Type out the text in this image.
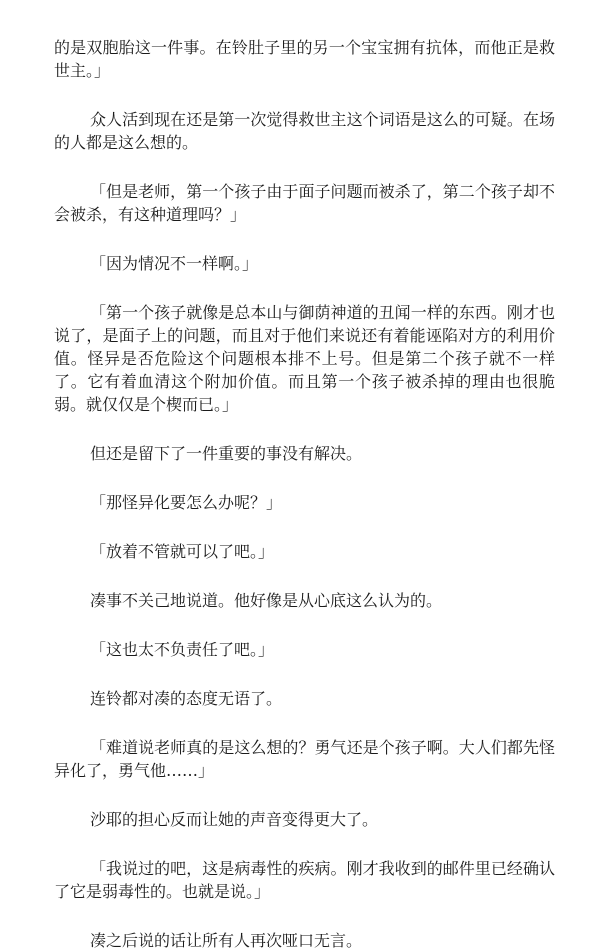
的是双胞胎这一件事。在铃肚子里的另一个宝宝拥有抗体，而他正是救世主。」

众人活到现在还是第一次觉得救世主这个词语是这么的可疑。在场的人都是这么想的。

「但是老师，第一个孩子由于面子问题而被杀了，第二个孩子却不会被杀，有这种道理吗？」

「因为情况不一样啊。」

「第一个孩子就像是总本山与御荫神道的丑闻一样的东西。刚才也说了，是面子上的问题，而且对于他们来说还有着能诬陷对方的利用价值。怪异是否危险这个问题根本排不上号。但是第二个孩子就不一样了。它有着血清这个附加价值。而且第一个孩子被杀掉的理由也很脆弱。就仅仅是个楔而已。」

但还是留下了一件重要的事没有解决。

「那怪异化要怎么办呢？」

「放着不管就可以了吧。」

凑事不关己地说道。他好像是从心底这么认为的。

「这也太不负责任了吧。」

连铃都对凑的态度无语了。

「难道说老师真的是这么想的？勇气还是个孩子啊。大人们都先怪异化了，勇气他……」

沙耶的担心反而让她的声音变得更大了。

「我说过的吧，这是病毒性的疾病。刚才我收到的邮件里已经确认了它是弱毒性的。也就是说。」

凑之后说的话让所有人再次哑口无言。
